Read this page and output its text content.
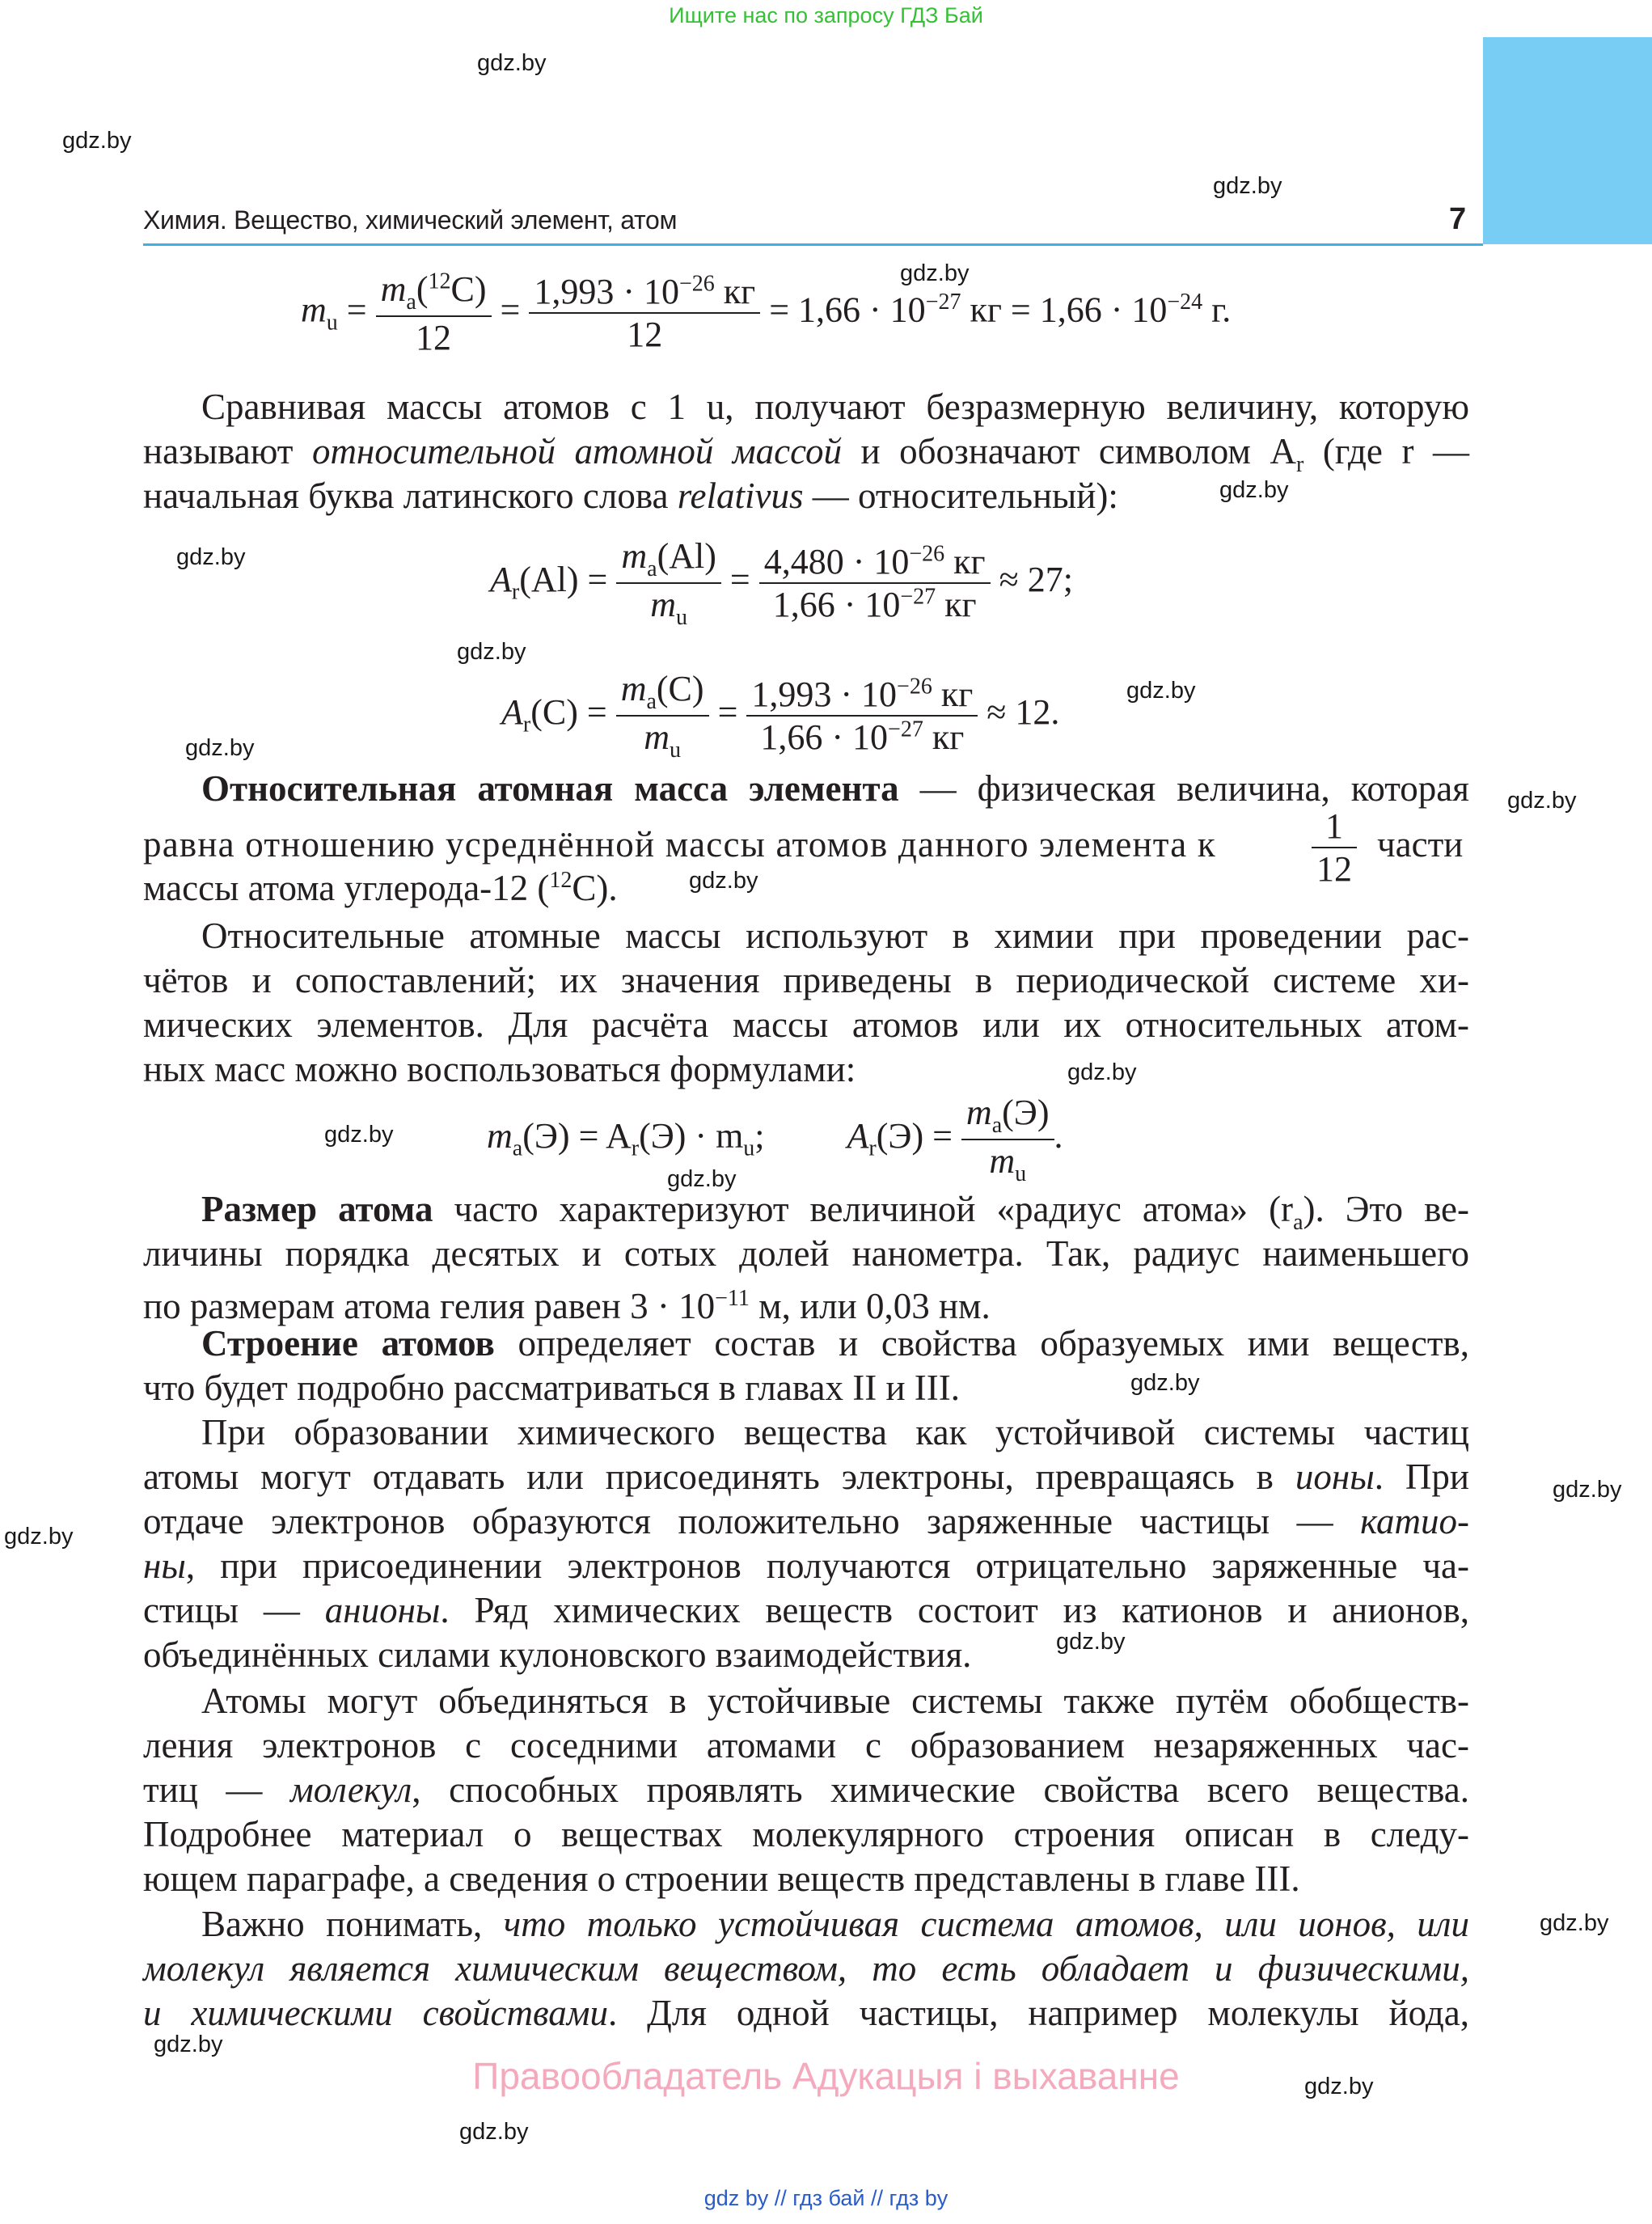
Ищите нас по запросу ГДЗ Бай
gdz.by
gdz.by
gdz.by
gdz.by
gdz.by
gdz.by
gdz.by
gdz.by
gdz.by
gdz.by
gdz.by
gdz.by
gdz.by
gdz.by
gdz.by
gdz.by
gdz.by
gdz.by
gdz.by
gdz.by
gdz.by
gdz.by
Химия. Вещество, химический элемент, атом	7
$m_u = \frac{m_a(^{12}C)}{12} = \frac{1,993 \cdot 10^{-26} кг}{12} = 1,66 \cdot 10^{-27}$ кг = $1,66 \cdot 10^{-24}$ г.
Сравнивая массы атомов с 1 u, получают безразмерную величину, которую
называют относительной атомной массой и обозначают символом $A_r$ (где r —
начальная буква латинского слова relativus — относительный):
$A_r(Al) = \frac{m_a(Al)}{m_u} = \frac{4,480 \cdot 10^{-26} кг}{1,66 \cdot 10^{-27} кг} \approx 27$;
$A_r(C) = \frac{m_a(C)}{m_u} = \frac{1,993 \cdot 10^{-26} кг}{1,66 \cdot 10^{-27} кг} \approx 12$.
Относительная атомная масса элемента — физическая величина, которая
равна отношению усреднённой массы атомов данного элемента к	$\frac{1}{12}$ части
массы атома углерода-12 ($^{12}$C).
Относительные атомные массы используют в химии при проведении рас-
чётов и сопоставлений; их значения приведены в периодической системе хи-
мических элементов. Для расчёта массы атомов или их относительных атом-
ных масс можно воспользоваться формулами:
$m_a(Э) = A_r(Э) \cdot m_u$; $A_r(Э) = \frac{m_a(Э)}{m_u}$ .
Размер атома часто характеризуют величиной «радиус атома» $(r_a)$. Это ве-
личины порядка десятых и сотых долей нанометра. Так, радиус наименьшего
по размерам атома гелия равен $3 \cdot 10^{-11}$ м, или 0,03 нм.
Строение атомов определяет состав и свойства образуемых ими веществ,
что будет подробно рассматриваться в главах II и III.
При образовании химического вещества как устойчивой системы частиц
атомы могут отдавать или присоединять электроны, превращаясь в ионы. При
отдаче электронов образуются положительно заряженные частицы — катио-
ны, при присоединении электронов получаются отрицательно заряженные ча-
стицы — анионы. Ряд химических веществ состоит из катионов и анионов,
объединённых силами кулоновского взаимодействия.
Атомы могут объединяться в устойчивые системы также путём обобществ-
ления электронов с соседними атомами с образованием незаряженных час-
тиц — молекул, способных проявлять химические свойства всего вещества.
Подробнее материал о веществах молекулярного строения описан в следу-
ющем параграфе, а сведения о строении веществ представлены в главе III.
Важно понимать, что только устойчивая система атомов, или ионов, или
молекул является химическим веществом, то есть обладает и физическими,
и химическими свойствами. Для одной частицы, например молекулы йода,
Правообладатель Адукацыя і выхаванне
gdz by // гдз бай // гдз by
